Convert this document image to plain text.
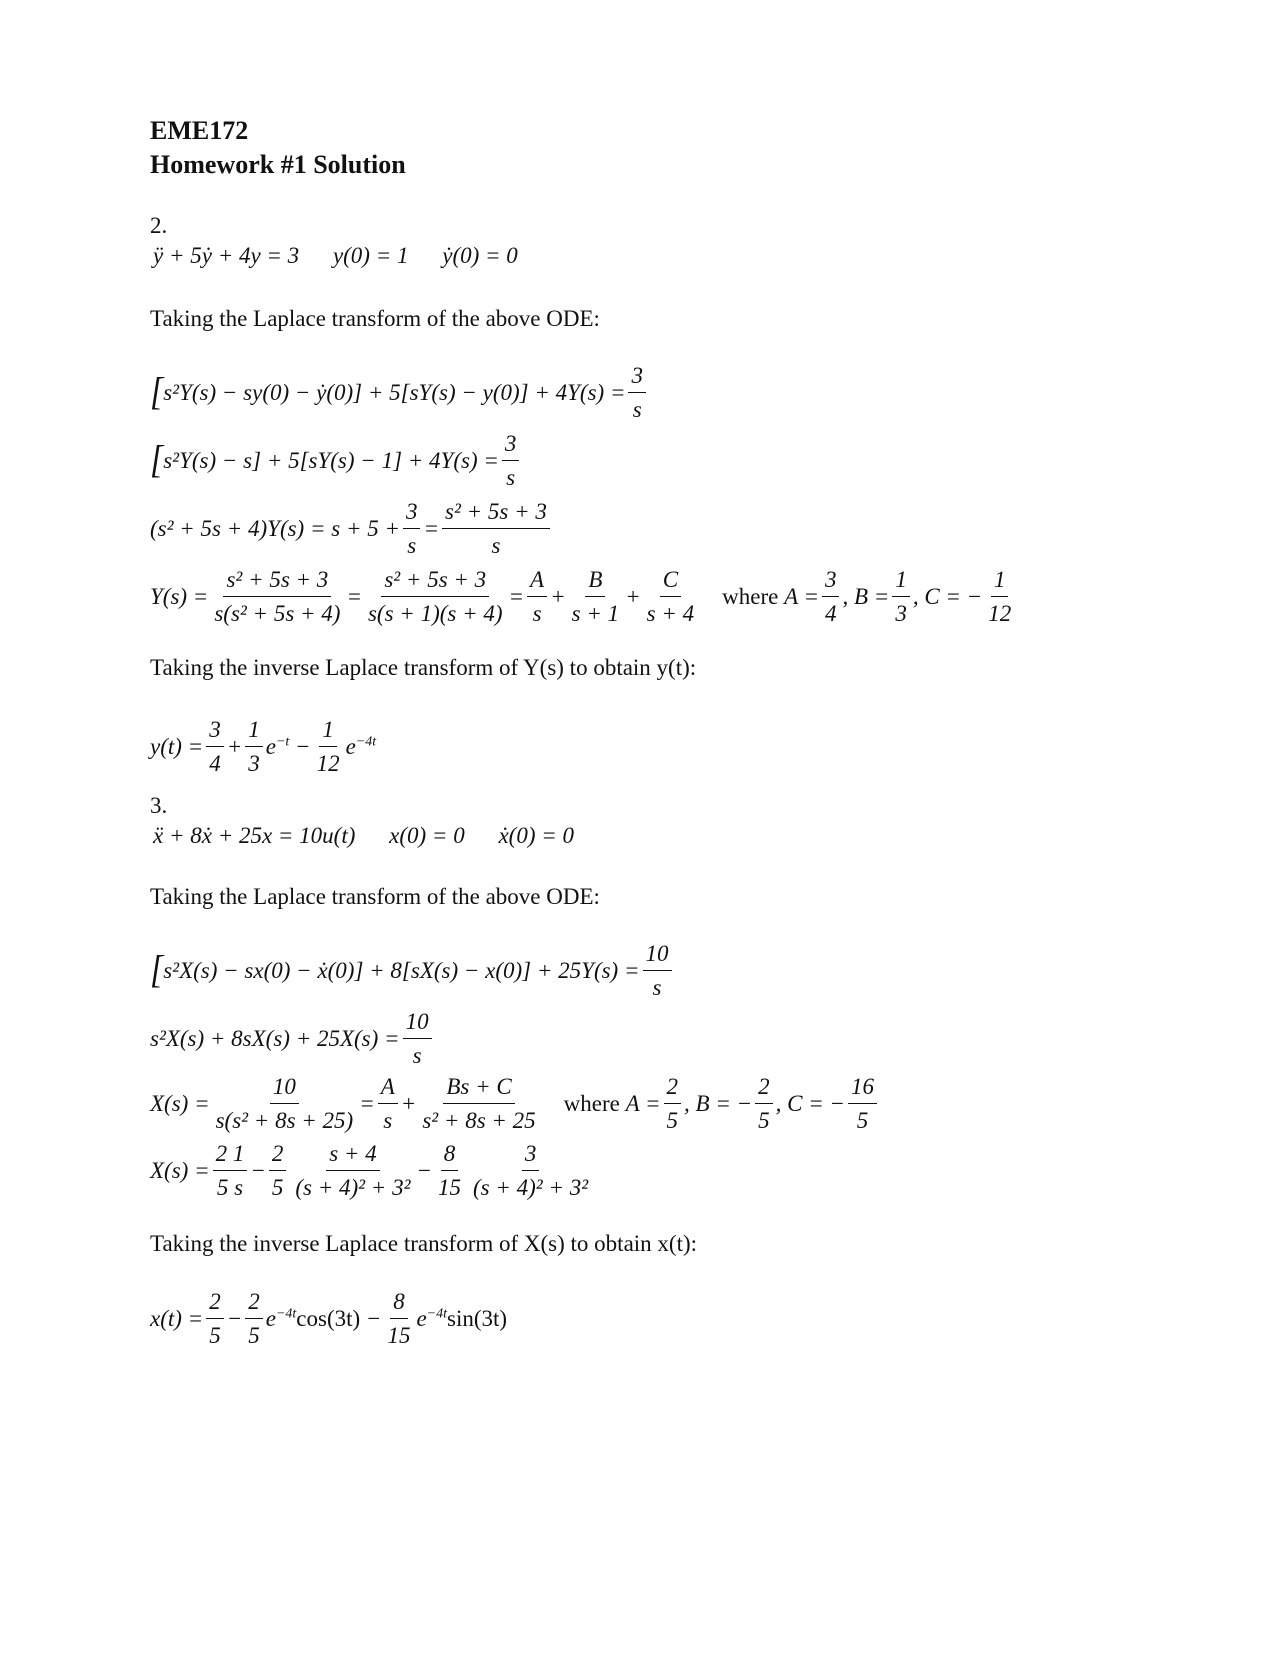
EME172
Homework #1 Solution
2.
ÿ + 5ẏ + 4y = 3 y(0) = 1 ẏ(0) = 0
Taking the Laplace transform of the above ODE:
[ s²Y(s) − sy(0) − ẏ(0)] + $5[sY(s) - y(0)] + 4Y(s) = \frac{3}{s}$
[ $s^2Y(s) - s] + 5[sY(s) - 1] + 4Y(s) = \frac{3}{s}$
$(s^2 + 5s + 4)Y(s) = s + 5 + \frac{3}{s} = \frac{\text{s² + 5s + 3}}{s}$
$Y(s) = \frac{\text{s² + 5s + 3}}{\text{s(s² + 5s + 4)}} = \frac{\text{s² + 5s + 3}}{s(s + 1)(s + 4)} = \frac{A}{s} + \frac{B}{s + 1} + \frac{C}{s + 4}$ where
$A = \frac{3}{4}$ , $B = \frac{1}{3}$ , C = − $\frac{1}{12}$
Taking the inverse Laplace transform of Y(s) to obtain y(t):
$y(t) = \frac{3}{4} + \frac{1}{3} e^{-t} - \frac{1}{12} e^{-4t}$
3.
ẍ + 8ẋ + 25x = 10u(t) x(0) = 0 ẋ(0) = 0
Taking the Laplace transform of the above ODE:
[ s²X(s) − sx(0) − ẋ(0)] + $8[sX(s) - x(0)] + 25Y(s) = \frac{10}{s}$
$s^2X(s) + 8sX(s) + 25X(s) = \frac{10}{s}$
$X(s) = \frac{10}{\text{s(s² + 8s + 25)}} = \frac{A}{s} + \frac{Bs + C}{\text{s² + 8s + 25}}$ where
$A = \frac{2}{5}$ , B = − $\frac{2}{5}$ , C = − $\frac{16}{5}$
$X(s) = \frac{2 1}{5 s} - \frac{2}{5} \frac{s + 4}{\text{(s + 4)² + 3²}} - \frac{8}{15} \frac{3}{\text{(s + 4)² + 3²}}$
Taking the inverse Laplace transform of X(s) to obtain x(t):
$x(t) = \frac{2}{5} - \frac{2}{5} e^{-4t}$ $\cos(3t) - \frac{8}{15} e^{-4t}$ sin(3t)
